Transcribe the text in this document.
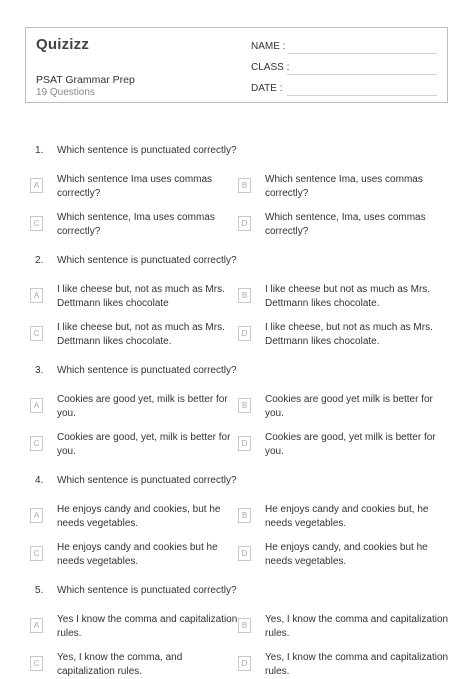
Quizizz
PSAT Grammar Prep
19 Questions
NAME :
CLASS :
DATE :
1. Which sentence is punctuated correctly?
A
Which sentence Ima uses commas correctly?
B
Which sentence Ima, uses commas correctly?
C
Which sentence, Ima uses commas correctly?
D
Which sentence, Ima, uses commas correctly?
2. Which sentence is punctuated correctly?
A
I like cheese but, not as much as Mrs. Dettmann likes chocolate
B
I like cheese but not as much as Mrs. Dettmann likes chocolate.
C
I like cheese but, not as much as Mrs. Dettmann likes chocolate.
D
I like cheese, but not as much as Mrs. Dettmann likes chocolate.
3. Which sentence is punctuated correctly?
A
Cookies are good yet, milk is better for you.
B
Cookies are good yet milk is better for you.
C
Cookies are good, yet, milk is better for you.
D
Cookies are good, yet milk is better for you.
4. Which sentence is punctuated correctly?
A
He enjoys candy and cookies, but he needs vegetables.
B
He enjoys candy and cookies but, he needs vegetables.
C
He enjoys candy and cookies but he needs vegetables.
D
He enjoys candy, and cookies but he needs vegetables.
5. Which sentence is punctuated correctly?
A
Yes I know the comma and capitalization rules.
B
Yes, I know the comma and capitalization rules.
C
Yes, I know the comma, and capitalization rules.
D
Yes, I know the comma and capitalization rules.
